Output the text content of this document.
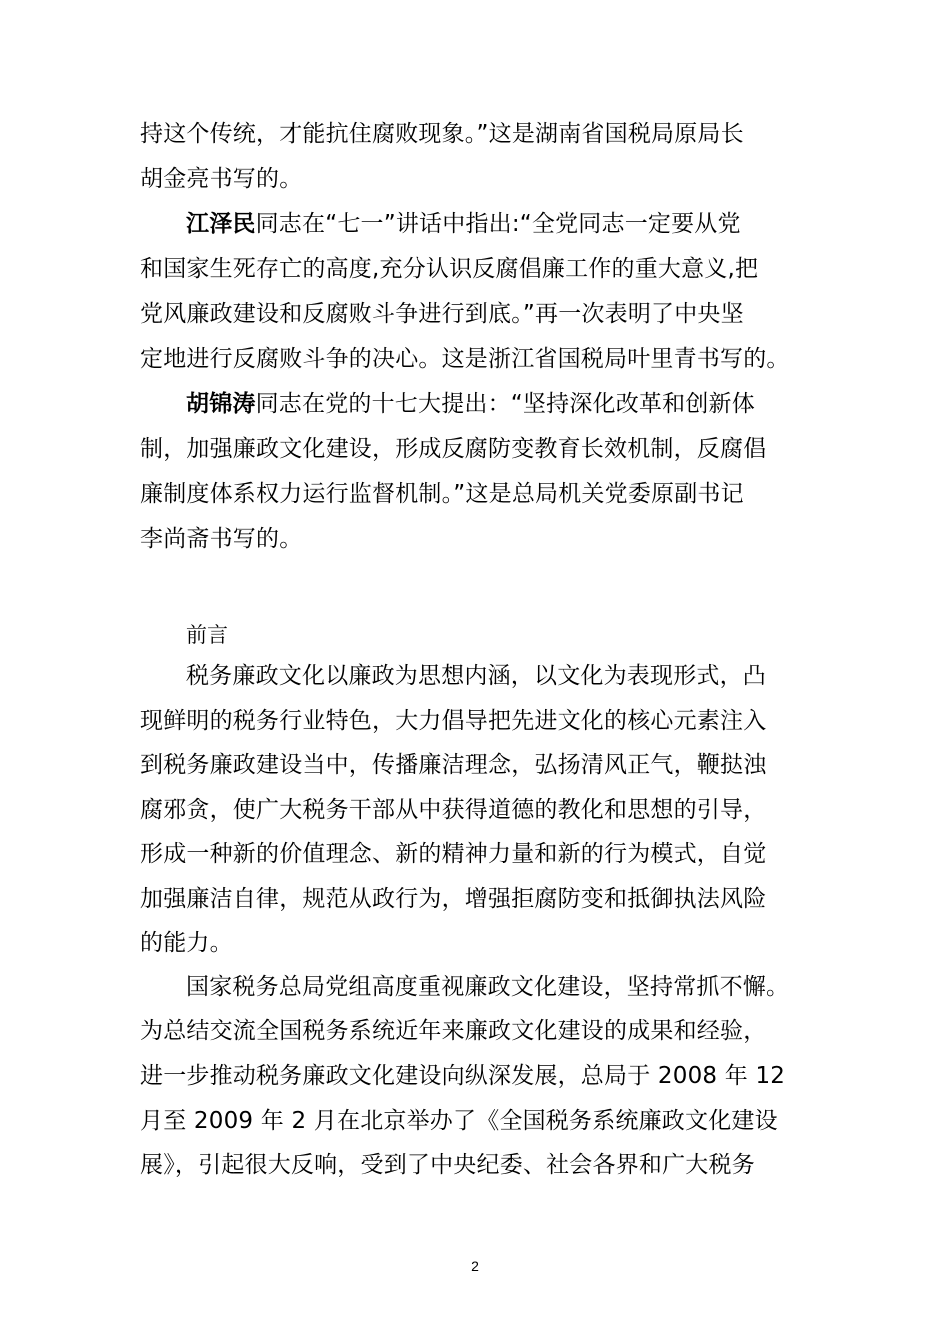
持这个传统，才能抗住腐败现象。”这是湖南省国税局原局长
胡金亮书写的。
江泽民同志在“七一”讲话中指出:“全党同志一定要从党
和国家生死存亡的高度,充分认识反腐倡廉工作的重大意义,把
党风廉政建设和反腐败斗争进行到底。”再一次表明了中央坚
定地进行反腐败斗争的决心。这是浙江省国税局叶里青书写的。
胡锦涛同志在党的十七大提出：“坚持深化改革和创新体
制，加强廉政文化建设，形成反腐防变教育长效机制，反腐倡
廉制度体系权力运行监督机制。”这是总局机关党委原副书记
李尚斋书写的。
前言
税务廉政文化以廉政为思想内涵，以文化为表现形式，凸
现鲜明的税务行业特色，大力倡导把先进文化的核心元素注入
到税务廉政建设当中，传播廉洁理念，弘扬清风正气，鞭挞浊
腐邪贪，使广大税务干部从中获得道德的教化和思想的引导，
形成一种新的价值理念、新的精神力量和新的行为模式，自觉
加强廉洁自律，规范从政行为，增强拒腐防变和抵御执法风险
的能力。
国家税务总局党组高度重视廉政文化建设，坚持常抓不懈。
为总结交流全国税务系统近年来廉政文化建设的成果和经验，
进一步推动税务廉政文化建设向纵深发展，总局于 2008 年 12
月至 2009 年 2 月在北京举办了《全国税务系统廉政文化建设
展》，引起很大反响，受到了中央纪委、社会各界和广大税务
2
